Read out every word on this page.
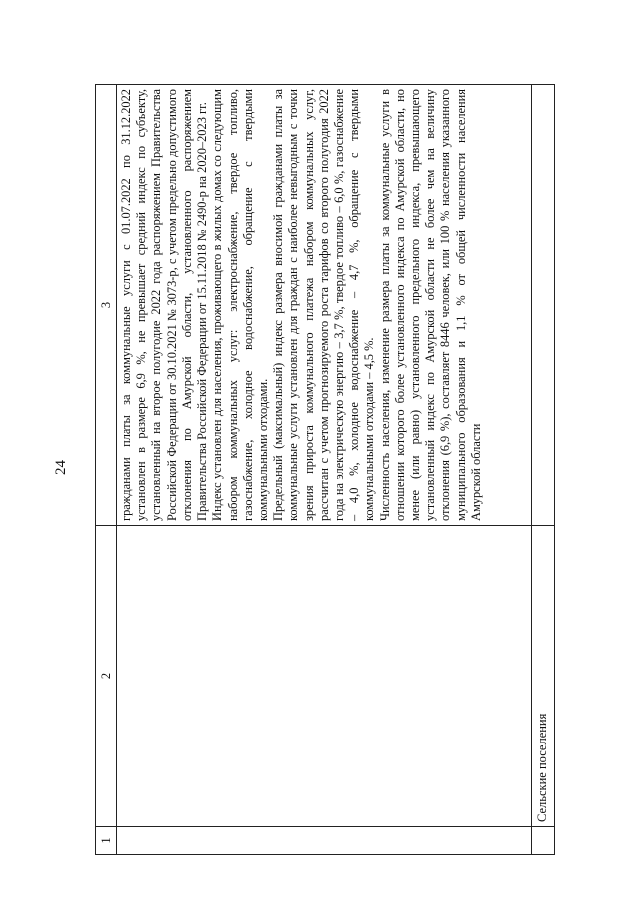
24
1	2	3

		гражданами платы за коммунальные услуги с 01.07.2022 по 31.12.2022 установлен в размере 6,9 %, не превышает средний индекс по субъекту, установленный на второе полугодие 2022 года распоряжением Правительства Российской Федерации от 30.10.2021 № 3073-р, с учетом предельно допустимого отклонения по Амурской области, установленного распоряжением Правительства Российской Федерации от 15.11.2018 № 2490-р на 2020–2023 гг. Индекс установлен для населения, проживающего в жилых домах со следующим набором коммунальных услуг: электроснабжение, твердое топливо, газоснабжение, холодное водоснабжение, обращение с твердыми коммунальными отходами. Предельный (максимальный) индекс размера вносимой гражданами платы за коммунальные услуги установлен для граждан с наиболее невыгодным с точки зрения прироста коммунального платежа набором коммунальных услуг, рассчитан с учетом прогнозируемого роста тарифов со второго полугодия 2022 года на электрическую энергию – 3,7 %, твердое топливо – 6,0 %, газоснабжение – 4,0 %, холодное водоснабжение – 4,7 %, обращение с твердыми коммунальными отходами – 4,5 %. Численность населения, изменение размера платы за коммунальные услуги в отношении которого более установленного индекса по Амурской области, но менее (или равно) установленного предельного индекса, превышающего установленный индекс по Амурской области не более чем на величину отклонения (6,9 %), составляет 8446 человек, или 100 % населения указанного муниципального образования и 1,1 % от общей численности населения Амурской области

	Сельские поселения	
